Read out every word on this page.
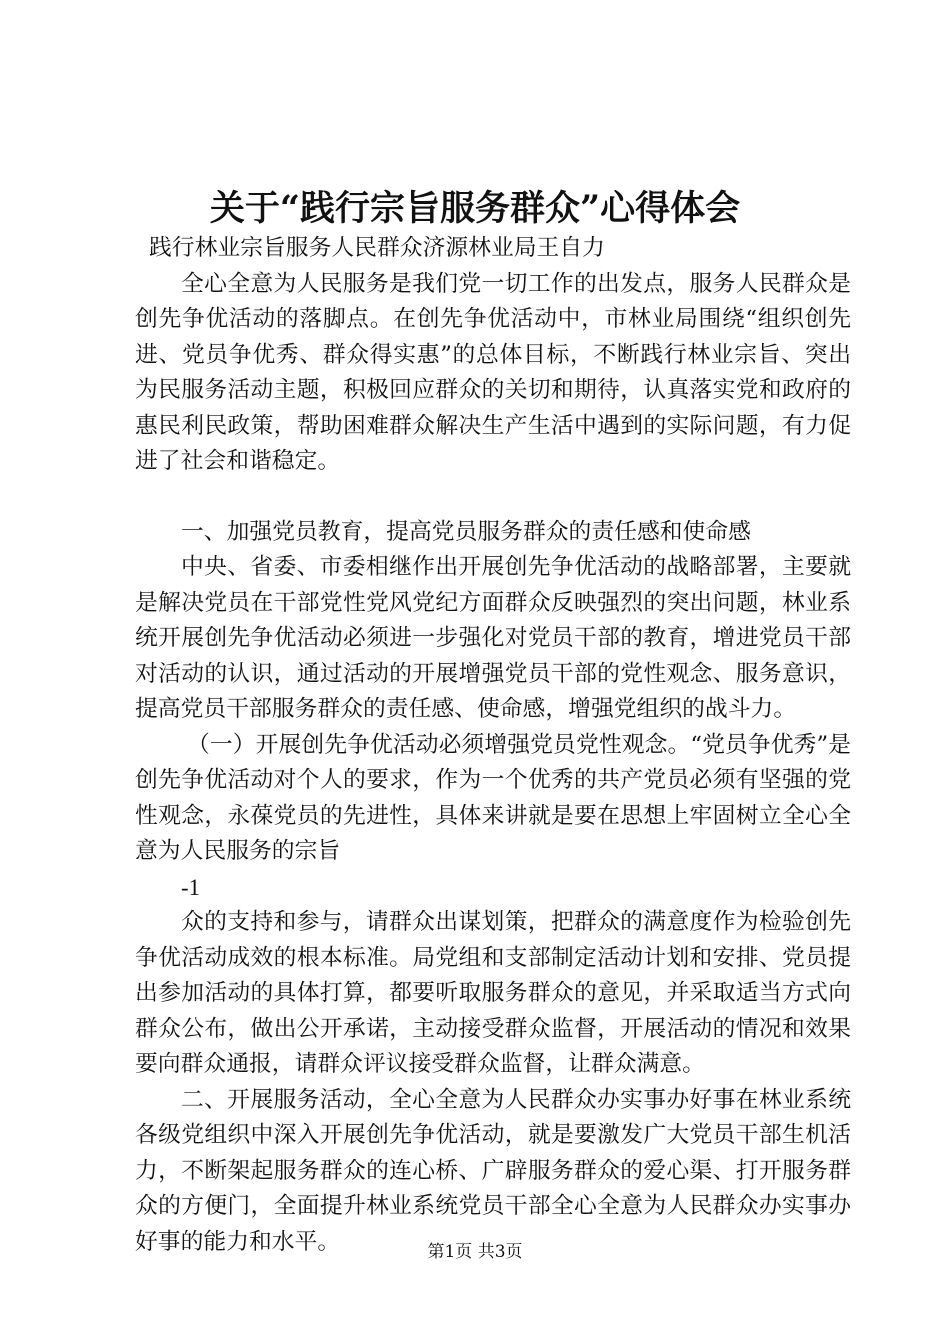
关于“践行宗旨服务群众”心得体会

践行林业宗旨服务人民群众济源林业局王自力

全心全意为人民服务是我们党一切工作的出发点，服务人民群众是创先争优活动的落脚点。在创先争优活动中，市林业局围绕“组织创先进、党员争优秀、群众得实惠”的总体目标，不断践行林业宗旨、突出为民服务活动主题，积极回应群众的关切和期待，认真落实党和政府的惠民利民政策，帮助困难群众解决生产生活中遇到的实际问题，有力促进了社会和谐稳定。

一、加强党员教育，提高党员服务群众的责任感和使命感

中央、省委、市委相继作出开展创先争优活动的战略部署，主要就是解决党员在干部党性党风党纪方面群众反映强烈的突出问题，林业系统开展创先争优活动必须进一步强化对党员干部的教育，增进党员干部对活动的认识，通过活动的开展增强党员干部的党性观念、服务意识，提高党员干部服务群众的责任感、使命感，增强党组织的战斗力。

（一）开展创先争优活动必须增强党员党性观念。“党员争优秀”是创先争优活动对个人的要求，作为一个优秀的共产党员必须有坚强的党性观念，永葆党员的先进性，具体来讲就是要在思想上牢固树立全心全意为人民服务的宗旨

-1

众的支持和参与，请群众出谋划策，把群众的满意度作为检验创先争优活动成效的根本标准。局党组和支部制定活动计划和安排、党员提出参加活动的具体打算，都要听取服务群众的意见，并采取适当方式向群众公布，做出公开承诺，主动接受群众监督，开展活动的情况和效果要向群众通报，请群众评议接受群众监督，让群众满意。

二、开展服务活动，全心全意为人民群众办实事办好事在林业系统各级党组织中深入开展创先争优活动，就是要激发广大党员干部生机活力，不断架起服务群众的连心桥、广辟服务群众的爱心渠、打开服务群众的方便门，全面提升林业系统党员干部全心全意为人民群众办实事办好事的能力和水平。	第1页 共3页
